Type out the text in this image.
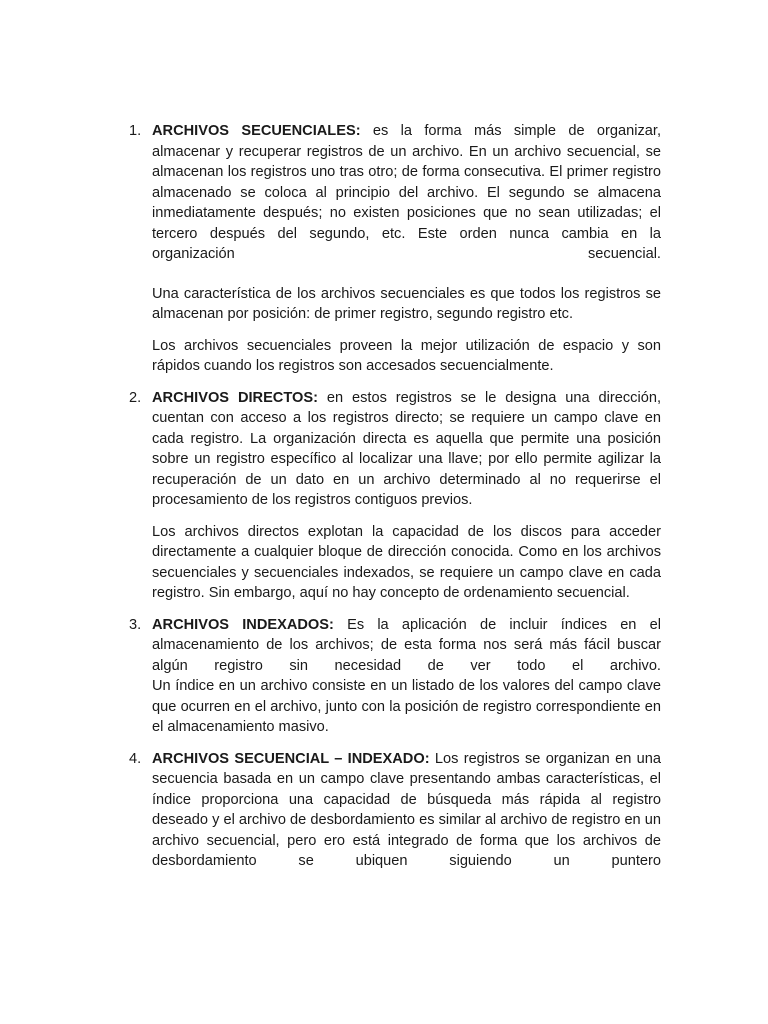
1. ARCHIVOS SECUENCIALES: es la forma más simple de organizar, almacenar y recuperar registros de un archivo. En un archivo secuencial, se almacenan los registros uno tras otro; de forma consecutiva. El primer registro almacenado se coloca al principio del archivo. El segundo se almacena inmediatamente después; no existen posiciones que no sean utilizadas; el tercero después del segundo, etc. Este orden nunca cambia en la organización secuencial.

Una característica de los archivos secuenciales es que todos los registros se almacenan por posición: de primer registro, segundo registro etc.

Los archivos secuenciales proveen la mejor utilización de espacio y son rápidos cuando los registros son accesados secuencialmente.

2. ARCHIVOS DIRECTOS: en estos registros se le designa una dirección, cuentan con acceso a los registros directo; se requiere un campo clave en cada registro. La organización directa es aquella que permite una posición sobre un registro específico al localizar una llave; por ello permite agilizar la recuperación de un dato en un archivo determinado al no requerirse el procesamiento de los registros contiguos previos.

Los archivos directos explotan la capacidad de los discos para acceder directamente a cualquier bloque de dirección conocida. Como en los archivos secuenciales y secuenciales indexados, se requiere un campo clave en cada registro. Sin embargo, aquí no hay concepto de ordenamiento secuencial.

3. ARCHIVOS INDEXADOS: Es la aplicación de incluir índices en el almacenamiento de los archivos; de esta forma nos será más fácil buscar algún registro sin necesidad de ver todo el archivo.

Un índice en un archivo consiste en un listado de los valores del campo clave que ocurren en el archivo, junto con la posición de registro correspondiente en el almacenamiento masivo.

4. ARCHIVOS SECUENCIAL – INDEXADO: Los registros se organizan en una secuencia basada en un campo clave presentando ambas características, el índice proporciona una capacidad de búsqueda más rápida al registro deseado y el archivo de desbordamiento es similar al archivo de registro en un archivo secuencial, pero ero está integrado de forma que los archivos de desbordamiento se ubiquen siguiendo un puntero
